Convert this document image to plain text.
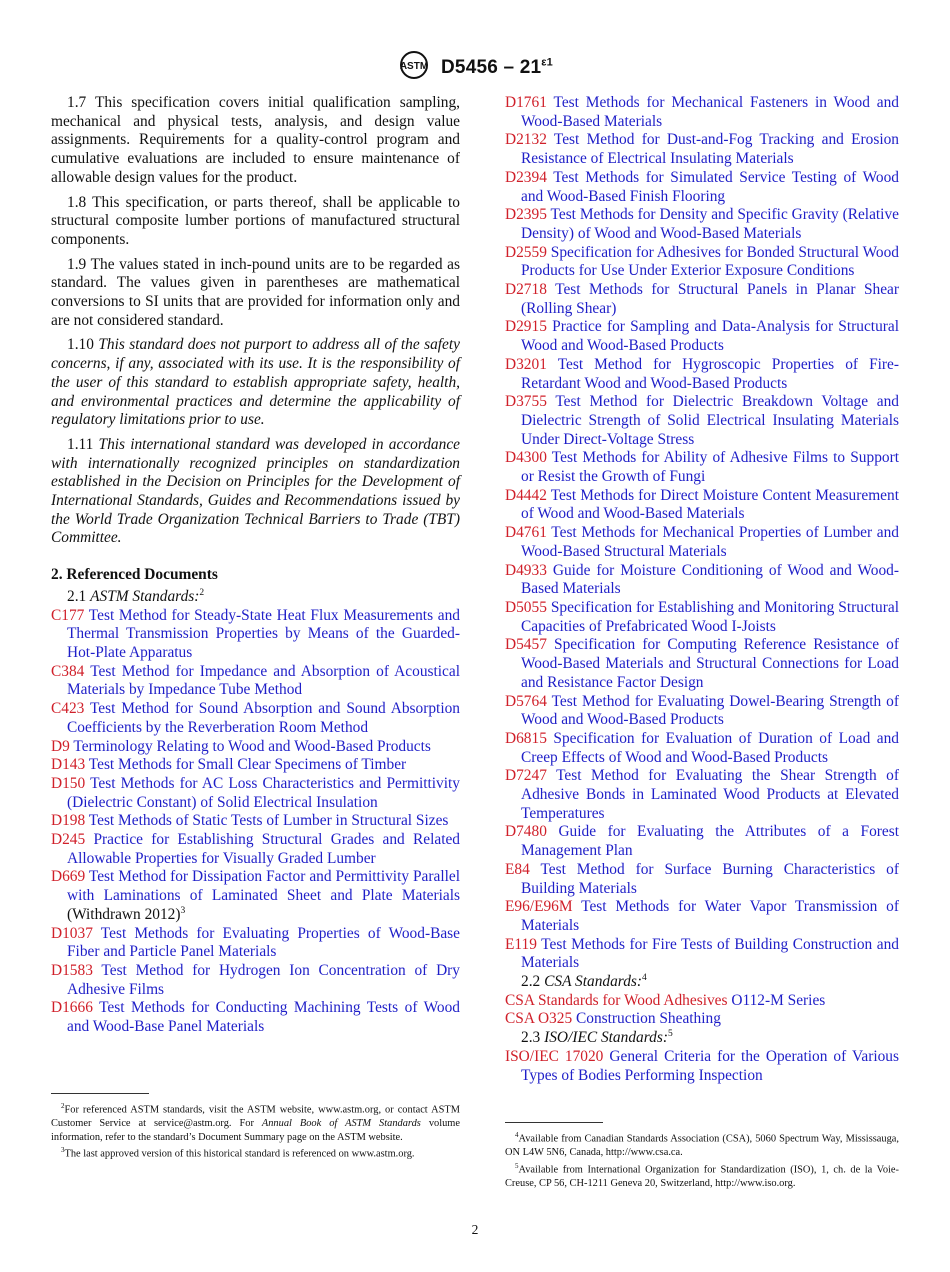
ASTM $D5456 - 21^{\varepsilon 1}$

1.7 This specification covers initial qualification sampling, mechanical and physical tests, analysis, and design value assignments. Requirements for a quality-control program and cumulative evaluations are included to ensure maintenance of allowable design values for the product.

1.8 This specification, or parts thereof, shall be applicable to structural composite lumber portions of manufactured structural components.

1.9 The values stated in inch-pound units are to be regarded as standard. The values given in parentheses are mathematical conversions to SI units that are provided for information only and are not considered standard.

1.10 This standard does not purport to address all of the safety concerns, if any, associated with its use. It is the responsibility of the user of this standard to establish appropriate safety, health, and environmental practices and determine the applicability of regulatory limitations prior to use.

1.11 This international standard was developed in accordance with internationally recognized principles on standardization established in the Decision on Principles for the Development of International Standards, Guides and Recommendations issued by the World Trade Organization Technical Barriers to Trade (TBT) Committee.

2. Referenced Documents

2.1 ASTM Standards:$^2$

C177 Test Method for Steady-State Heat Flux Measurements and Thermal Transmission Properties by Means of the Guarded-Hot-Plate Apparatus

C384 Test Method for Impedance and Absorption of Acoustical Materials by Impedance Tube Method

C423 Test Method for Sound Absorption and Sound Absorption Coefficients by the Reverberation Room Method

D9 Terminology Relating to Wood and Wood-Based Products

D143 Test Methods for Small Clear Specimens of Timber

D150 Test Methods for AC Loss Characteristics and Permittivity (Dielectric Constant) of Solid Electrical Insulation

D198 Test Methods of Static Tests of Lumber in Structural Sizes

D245 Practice for Establishing Structural Grades and Related Allowable Properties for Visually Graded Lumber

D669 Test Method for Dissipation Factor and Permittivity Parallel with Laminations of Laminated Sheet and Plate Materials (Withdrawn 2012)$^3$

D1037 Test Methods for Evaluating Properties of Wood-Base Fiber and Particle Panel Materials

D1583 Test Method for Hydrogen Ion Concentration of Dry Adhesive Films

D1666 Test Methods for Conducting Machining Tests of Wood and Wood-Base Panel Materials

D1761 Test Methods for Mechanical Fasteners in Wood and Wood-Based Materials

D2132 Test Method for Dust-and-Fog Tracking and Erosion Resistance of Electrical Insulating Materials

D2394 Test Methods for Simulated Service Testing of Wood and Wood-Based Finish Flooring

D2395 Test Methods for Density and Specific Gravity (Relative Density) of Wood and Wood-Based Materials

D2559 Specification for Adhesives for Bonded Structural Wood Products for Use Under Exterior Exposure Conditions

D2718 Test Methods for Structural Panels in Planar Shear (Rolling Shear)

D2915 Practice for Sampling and Data-Analysis for Structural Wood and Wood-Based Products

D3201 Test Method for Hygroscopic Properties of Fire-Retardant Wood and Wood-Based Products

D3755 Test Method for Dielectric Breakdown Voltage and Dielectric Strength of Solid Electrical Insulating Materials Under Direct-Voltage Stress

D4300 Test Methods for Ability of Adhesive Films to Support or Resist the Growth of Fungi

D4442 Test Methods for Direct Moisture Content Measurement of Wood and Wood-Based Materials

D4761 Test Methods for Mechanical Properties of Lumber and Wood-Based Structural Materials

D4933 Guide for Moisture Conditioning of Wood and Wood-Based Materials

D5055 Specification for Establishing and Monitoring Structural Capacities of Prefabricated Wood I-Joists

D5457 Specification for Computing Reference Resistance of Wood-Based Materials and Structural Connections for Load and Resistance Factor Design

D5764 Test Method for Evaluating Dowel-Bearing Strength of Wood and Wood-Based Products

D6815 Specification for Evaluation of Duration of Load and Creep Effects of Wood and Wood-Based Products

D7247 Test Method for Evaluating the Shear Strength of Adhesive Bonds in Laminated Wood Products at Elevated Temperatures

D7480 Guide for Evaluating the Attributes of a Forest Management Plan

E84 Test Method for Surface Burning Characteristics of Building Materials

E96/E96M Test Methods for Water Vapor Transmission of Materials

E119 Test Methods for Fire Tests of Building Construction and Materials

2.2 CSA Standards:$^4$

CSA Standards for Wood Adhesives O112-M Series

CSA O325 Construction Sheathing

2.3 ISO/IEC Standards:$^5$

ISO/IEC 17020 General Criteria for the Operation of Various Types of Bodies Performing Inspection

$^2$For referenced ASTM standards, visit the ASTM website, www.astm.org, or contact ASTM Customer Service at service@astm.org. For Annual Book of ASTM Standards volume information, refer to the standard’s Document Summary page on the ASTM website.

$^3$The last approved version of this historical standard is referenced on www.astm.org.

$^4$Available from Canadian Standards Association (CSA), 5060 Spectrum Way, Mississauga, ON L4W 5N6, Canada, http://www.csa.ca.

$^5$Available from International Organization for Standardization (ISO), 1, ch. de la Voie-Creuse, CP 56, CH-1211 Geneva 20, Switzerland, http://www.iso.org.

2
